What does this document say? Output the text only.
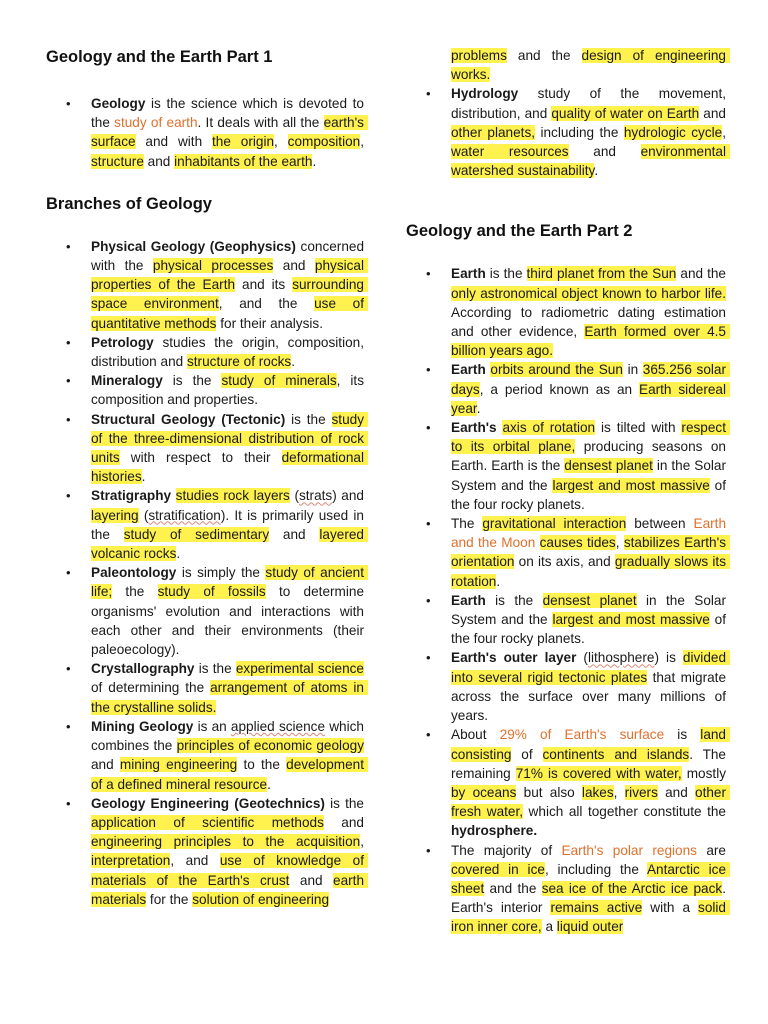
Geology and the Earth Part 1
• Geology is the science which is devoted to the study of earth. It deals with all the earth's surface and with the origin, composition, structure and inhabitants of the earth.
Branches of Geology
• Physical Geology (Geophysics) concerned with the physical processes and physical properties of the Earth and its surrounding space environment, and the use of quantitative methods for their analysis.
• Petrology studies the origin, composition, distribution and structure of rocks.
• Mineralogy is the study of minerals, its composition and properties.
• Structural Geology (Tectonic) is the study of the three-dimensional distribution of rock units with respect to their deformational histories.
• Stratigraphy studies rock layers (strats) and layering (stratification). It is primarily used in the study of sedimentary and layered volcanic rocks.
• Paleontology is simply the study of ancient life; the study of fossils to determine organisms' evolution and interactions with each other and their environments (their paleoecology).
• Crystallography is the experimental science of determining the arrangement of atoms in the crystalline solids.
• Mining Geology is an applied science which combines the principles of economic geology and mining engineering to the development of a defined mineral resource.
• Geology Engineering (Geotechnics) is the application of scientific methods and engineering principles to the acquisition, interpretation, and use of knowledge of materials of the Earth's crust and earth materials for the solution of engineering
problems and the design of engineering works.
• Hydrology study of the movement, distribution, and quality of water on Earth and other planets, including the hydrologic cycle, water resources and environmental watershed sustainability.
Geology and the Earth Part 2
• Earth is the third planet from the Sun and the only astronomical object known to harbor life. According to radiometric dating estimation and other evidence, Earth formed over 4.5 billion years ago.
• Earth orbits around the Sun in 365.256 solar days, a period known as an Earth sidereal year.
• Earth's axis of rotation is tilted with respect to its orbital plane, producing seasons on Earth. Earth is the densest planet in the Solar System and the largest and most massive of the four rocky planets.
• The gravitational interaction between Earth and the Moon causes tides, stabilizes Earth's orientation on its axis, and gradually slows its rotation.
• Earth is the densest planet in the Solar System and the largest and most massive of the four rocky planets.
• Earth's outer layer (lithosphere) is divided into several rigid tectonic plates that migrate across the surface over many millions of years.
• About 29% of Earth's surface is land consisting of continents and islands. The remaining 71% is covered with water, mostly by oceans but also lakes, rivers and other fresh water, which all together constitute the hydrosphere.
• The majority of Earth's polar regions are covered in ice, including the Antarctic ice sheet and the sea ice of the Arctic ice pack. Earth's interior remains active with a solid iron inner core, a liquid outer
